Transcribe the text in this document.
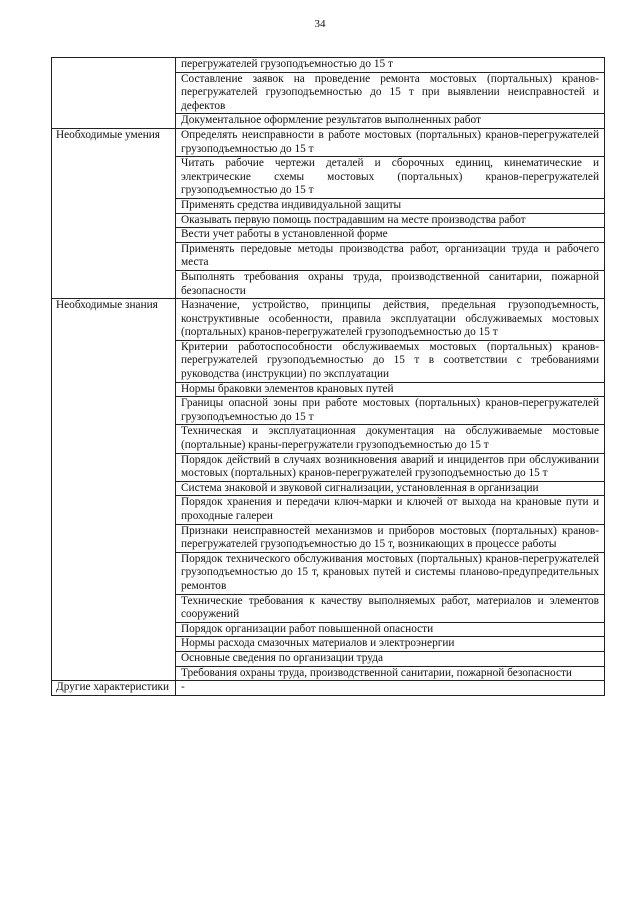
34
	перегружателей грузоподъемностью до 15 т
	Составление заявок на проведение ремонта мостовых (портальных) кранов-перегружателей грузоподъемностью до 15 т при выявлении неисправностей и дефектов
	Документальное оформление результатов выполненных работ
Необходимые умения	Определять неисправности в работе мостовых (портальных) кранов-перегружателей грузоподъемностью до 15 т
	Читать рабочие чертежи деталей и сборочных единиц, кинематические и электрические схемы мостовых (портальных) кранов-перегружателей грузоподъемностью до 15 т
	Применять средства индивидуальной защиты
	Оказывать первую помощь пострадавшим на месте производства работ
	Вести учет работы в установленной форме
	Применять передовые методы производства работ, организации труда и рабочего места
	Выполнять требования охраны труда, производственной санитарии, пожарной безопасности
Необходимые знания	Назначение, устройство, принципы действия, предельная грузоподъемность, конструктивные особенности, правила эксплуатации обслуживаемых мостовых (портальных) кранов-перегружателей грузоподъемностью до 15 т
	Критерии работоспособности обслуживаемых мостовых (портальных) кранов-перегружателей грузоподъемностью до 15 т в соответствии с требованиями руководства (инструкции) по эксплуатации
	Нормы браковки элементов крановых путей
	Границы опасной зоны при работе мостовых (портальных) кранов-перегружателей грузоподъемностью до 15 т
	Техническая и эксплуатационная документация на обслуживаемые мостовые (портальные) краны-перегружатели грузоподъемностью до 15 т
	Порядок действий в случаях возникновения аварий и инцидентов при обслуживании мостовых (портальных) кранов-перегружателей грузоподъемностью до 15 т
	Система знаковой и звуковой сигнализации, установленная в организации
	Порядок хранения и передачи ключ-марки и ключей от выхода на крановые пути и проходные галереи
	Признаки неисправностей механизмов и приборов мостовых (портальных) кранов-перегружателей грузоподъемностью до 15 т, возникающих в процессе работы
	Порядок технического обслуживания мостовых (портальных) кранов-перегружателей грузоподъемностью до 15 т, крановых путей и системы планово-предупредительных ремонтов
	Технические требования к качеству выполняемых работ, материалов и элементов сооружений
	Порядок организации работ повышенной опасности
	Нормы расхода смазочных материалов и электроэнергии
	Основные сведения по организации труда
	Требования охраны труда, производственной санитарии, пожарной безопасности
Другие характеристики	-
